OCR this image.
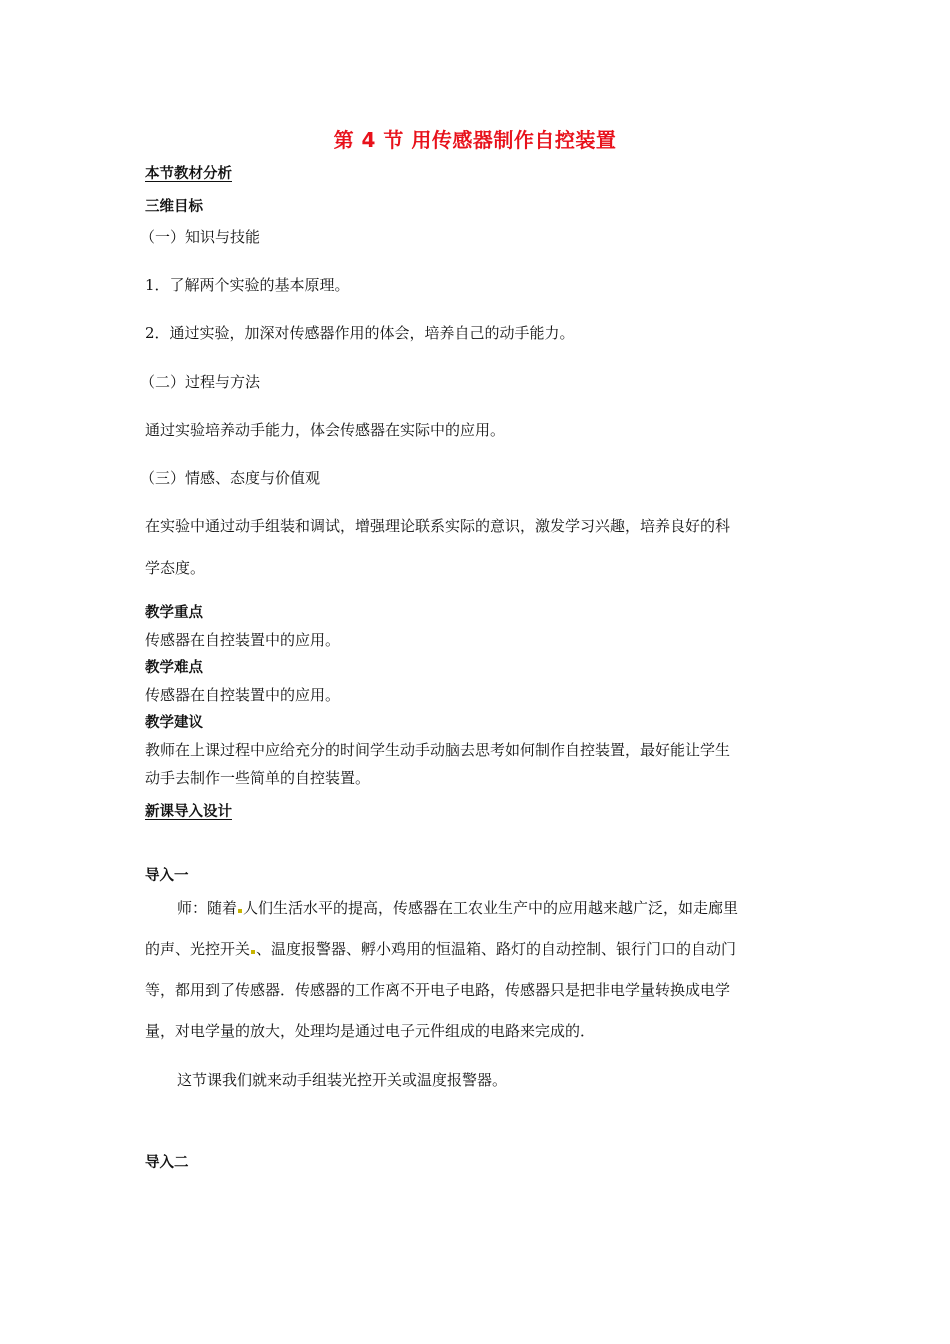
第 4 节 用传感器制作自控装置
本节教材分析
三维目标
（一）知识与技能
1．了解两个实验的基本原理。
2．通过实验，加深对传感器作用的体会，培养自己的动手能力。
（二）过程与方法
通过实验培养动手能力，体会传感器在实际中的应用。
（三）情感、态度与价值观
在实验中通过动手组装和调试，增强理论联系实际的意识，激发学习兴趣，培养良好的科
学态度。
教学重点
传感器在自控装置中的应用。
教学难点
传感器在自控装置中的应用。
教学建议
教师在上课过程中应给充分的时间学生动手动脑去思考如何制作自控装置，最好能让学生
动手去制作一些简单的自控装置。
新课导入设计
导入一
师：随着 人们生活水平的提高，传感器在工农业生产中的应用越来越广泛，如走廊里
的声、光控开关 、温度报警器、孵小鸡用的恒温箱、路灯的自动控制、银行门口的自动门
等，都用到了传感器．传感器的工作离不开电子电路，传感器只是把非电学量转换成电学
量，对电学量的放大，处理均是通过电子元件组成的电路来完成的．
这节课我们就来动手组装光控开关或温度报警器。
导入二
